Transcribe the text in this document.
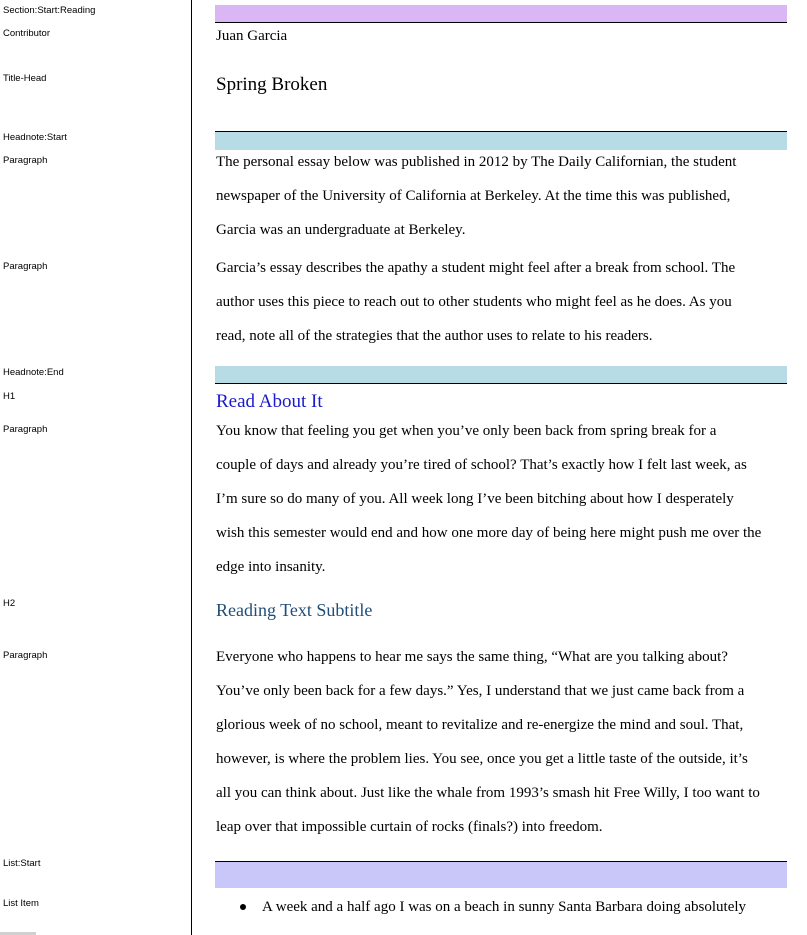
Section:Start:Reading
Contributor
Title-Head
Headnote:Start
Paragraph
Paragraph
Headnote:End
H1
Paragraph
H2
Paragraph
List:Start
List Item
Juan Garcia
Spring Broken
The personal essay below was published in 2012 by The Daily Californian, the student
newspaper of the University of California at Berkeley. At the time this was published,
Garcia was an undergraduate at Berkeley.
Garcia’s essay describes the apathy a student might feel after a break from school. The
author uses this piece to reach out to other students who might feel as he does. As you
read, note all of the strategies that the author uses to relate to his readers.
Read About It
You know that feeling you get when you’ve only been back from spring break for a
couple of days and already you’re tired of school? That’s exactly how I felt last week, as
I’m sure so do many of you. All week long I’ve been bitching about how I desperately
wish this semester would end and how one more day of being here might push me over the
edge into insanity.
Reading Text Subtitle
Everyone who happens to hear me says the same thing, “What are you talking about?
You’ve only been back for a few days.” Yes, I understand that we just came back from a
glorious week of no school, meant to revitalize and re-energize the mind and soul. That,
however, is where the problem lies. You see, once you get a little taste of the outside, it’s
all you can think about. Just like the whale from 1993’s smash hit Free Willy, I too want to
leap over that impossible curtain of rocks (finals?) into freedom.
A week and a half ago I was on a beach in sunny Santa Barbara doing absolutely
